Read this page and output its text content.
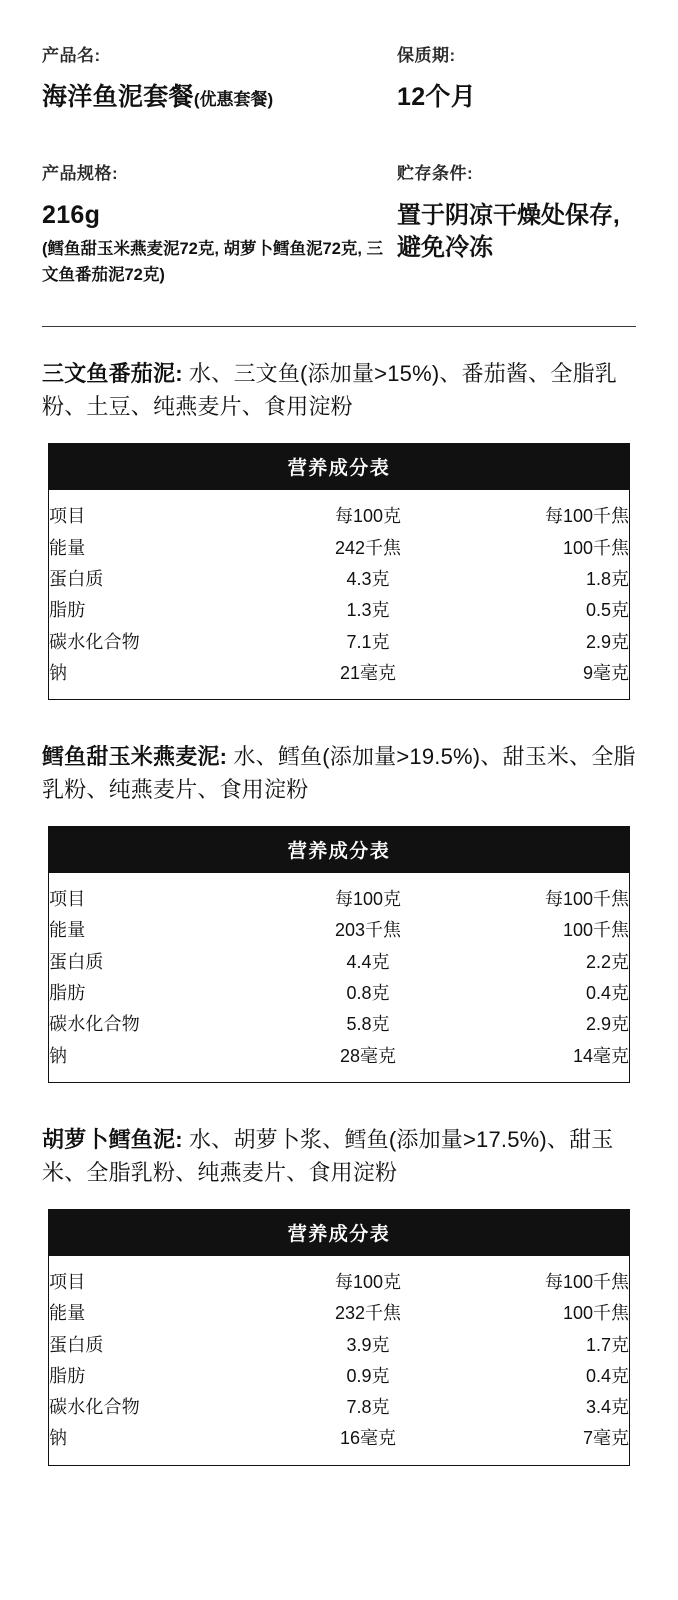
产品名:
海洋鱼泥套餐(优惠套餐)
保质期:
12个月
产品规格:
216g
(鳕鱼甜玉米燕麦泥72克, 胡萝卜鳕鱼泥72克, 三文鱼番茄泥72克)
贮存条件:
置于阴凉干燥处保存, 避免冷冻

三文鱼番茄泥: 水、三文鱼(添加量>15%)、番茄酱、全脂乳粉、土豆、纯燕麦片、食用淀粉

营养成分表
项目	每100克	每100千焦
能量	242千焦	100千焦
蛋白质	4.3克	1.8克
脂肪	1.3克	0.5克
碳水化合物	7.1克	2.9克
钠	21毫克	9毫克

鳕鱼甜玉米燕麦泥: 水、鳕鱼(添加量>19.5%)、甜玉米、全脂乳粉、纯燕麦片、食用淀粉

营养成分表
项目	每100克	每100千焦
能量	203千焦	100千焦
蛋白质	4.4克	2.2克
脂肪	0.8克	0.4克
碳水化合物	5.8克	2.9克
钠	28毫克	14毫克

胡萝卜鳕鱼泥: 水、胡萝卜浆、鳕鱼(添加量>17.5%)、甜玉米、全脂乳粉、纯燕麦片、食用淀粉

营养成分表
项目	每100克	每100千焦
能量	232千焦	100千焦
蛋白质	3.9克	1.7克
脂肪	0.9克	0.4克
碳水化合物	7.8克	3.4克
钠	16毫克	7毫克
